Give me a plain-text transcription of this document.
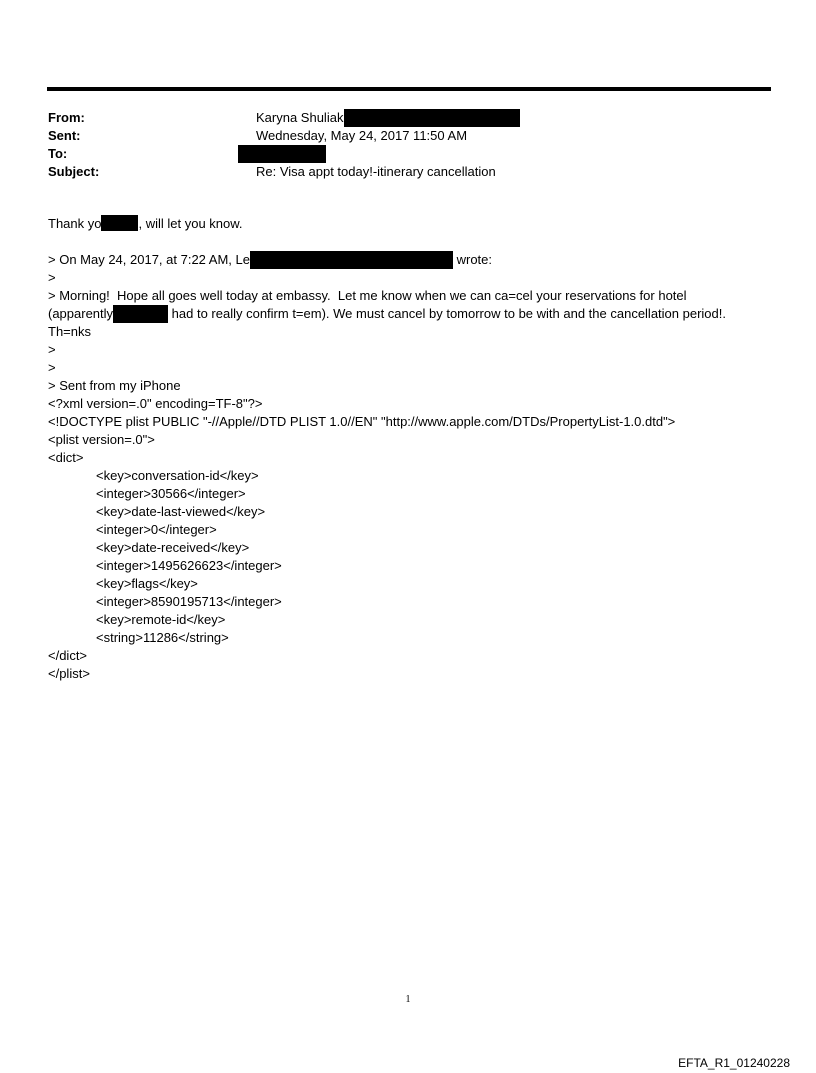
From:	Karyna Shuliak
Sent:	Wednesday, May 24, 2017 11:50 AM
To:
Subject:	Re: Visa appt today!-itinerary cancellation
Thank yo	, will let you know.
> On May 24, 2017, at 7:22 AM, Le	wrote:
>
> Morning!  Hope all goes well today at embassy.  Let me know when we can ca=cel your reservations for hotel
(apparently	had to really confirm t=em). We must cancel by tomorrow to be with and the cancellation period!.
Th=nks
>
>
> Sent from my iPhone
<?xml version=.0" encoding=TF-8"?>
<!DOCTYPE plist PUBLIC "-//Apple//DTD PLIST 1.0//EN" "http://www.apple.com/DTDs/PropertyList-1.0.dtd">
<plist version=.0">
<dict>
<key>conversation-id</key>
<integer>30566</integer>
<key>date-last-viewed</key>
<integer>0</integer>
<key>date-received</key>
<integer>1495626623</integer>
<key>flags</key>
<integer>8590195713</integer>
<key>remote-id</key>
<string>11286</string>
</dict>
</plist>
1
EFTA_R1_01240228
